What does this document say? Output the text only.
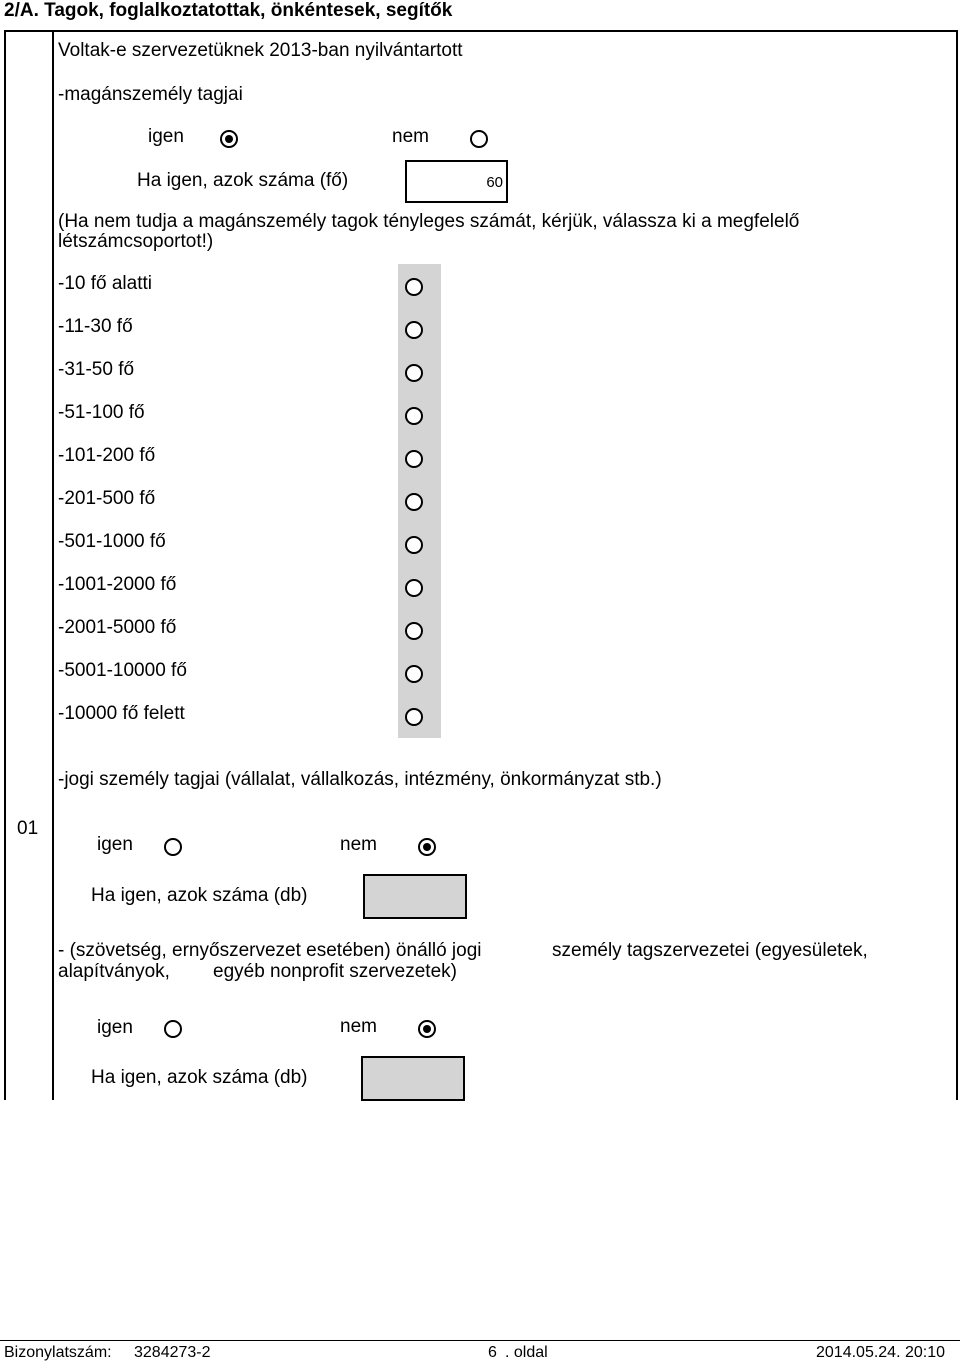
2/A. Tagok, foglalkoztatottak, önkéntesek, segítők
Voltak-e szervezetüknek 2013-ban nyilvántartott
-magánszemély tagjai
igen	nem
Ha igen, azok száma (fő)	60
(Ha nem tudja a magánszemély tagok tényleges számát, kérjük, válassza ki a megfelelő létszámcsoportot!)
-10 fő alatti
-11-30 fő
-31-50 fő
-51-100 fő
-101-200 fő
-201-500 fő
-501-1000 fő
-1001-2000 fő
-2001-5000 fő
-5001-10000 fő
-10000 fő felett
-jogi személy tagjai (vállalat, vállalkozás, intézmény, önkormányzat stb.)
01
igen	nem
Ha igen, azok száma (db)
- (szövetség, ernyőszervezet esetében) önálló jogi	személy tagszervezetei (egyesületek,
alapítványok, egyéb nonprofit szervezetek)
igen	nem
Ha igen, azok száma (db)
Bizonylatszám: 3284273-2	6 . oldal	2014.05.24. 20:10
